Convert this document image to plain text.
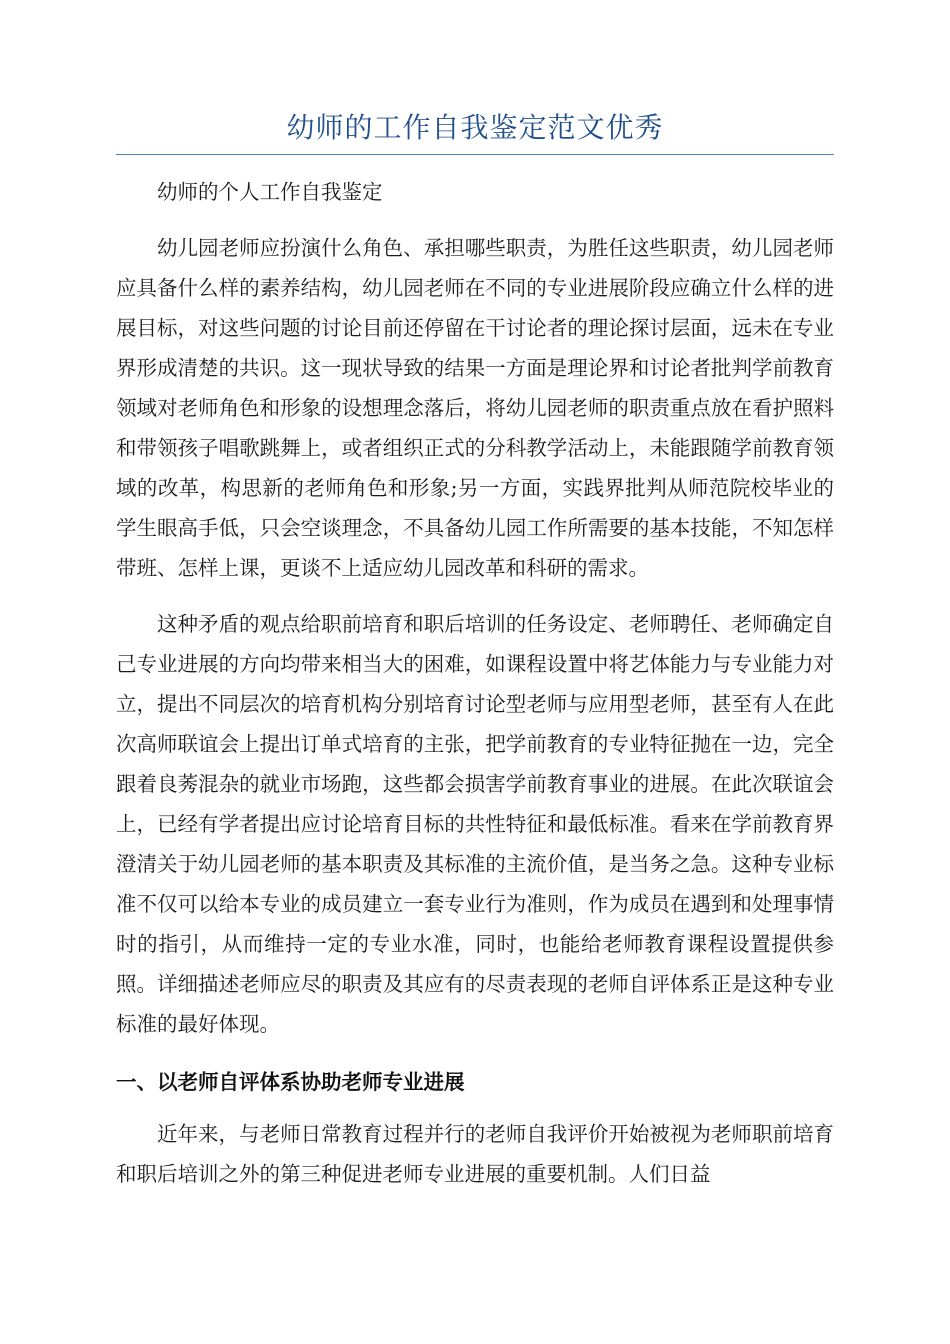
幼师的工作自我鉴定范文优秀

幼师的个人工作自我鉴定

幼儿园老师应扮演什么角色、承担哪些职责，为胜任这些职责，幼儿园老师应具备什么样的素养结构，幼儿园老师在不同的专业进展阶段应确立什么样的进展目标，对这些问题的讨论目前还停留在干讨论者的理论探讨层面，远未在专业界形成清楚的共识。这一现状导致的结果一方面是理论界和讨论者批判学前教育领域对老师角色和形象的设想理念落后，将幼儿园老师的职责重点放在看护照料和带领孩子唱歌跳舞上，或者组织正式的分科教学活动上，未能跟随学前教育领域的改革，构思新的老师角色和形象;另一方面，实践界批判从师范院校毕业的学生眼高手低，只会空谈理念，不具备幼儿园工作所需要的基本技能，不知怎样带班、怎样上课，更谈不上适应幼儿园改革和科研的需求。

这种矛盾的观点给职前培育和职后培训的任务设定、老师聘任、老师确定自己专业进展的方向均带来相当大的困难，如课程设置中将艺体能力与专业能力对立，提出不同层次的培育机构分别培育讨论型老师与应用型老师，甚至有人在此次高师联谊会上提出订单式培育的主张，把学前教育的专业特征抛在一边，完全跟着良莠混杂的就业市场跑，这些都会损害学前教育事业的进展。在此次联谊会上，已经有学者提出应讨论培育目标的共性特征和最低标准。看来在学前教育界澄清关于幼儿园老师的基本职责及其标准的主流价值，是当务之急。这种专业标准不仅可以给本专业的成员建立一套专业行为准则，作为成员在遇到和处理事情时的指引，从而维持一定的专业水准，同时，也能给老师教育课程设置提供参照。详细描述老师应尽的职责及其应有的尽责表现的老师自评体系正是这种专业标准的最好体现。

一、以老师自评体系协助老师专业进展

近年来，与老师日常教育过程并行的老师自我评价开始被视为老师职前培育和职后培训之外的第三种促进老师专业进展的重要机制。人们日益
